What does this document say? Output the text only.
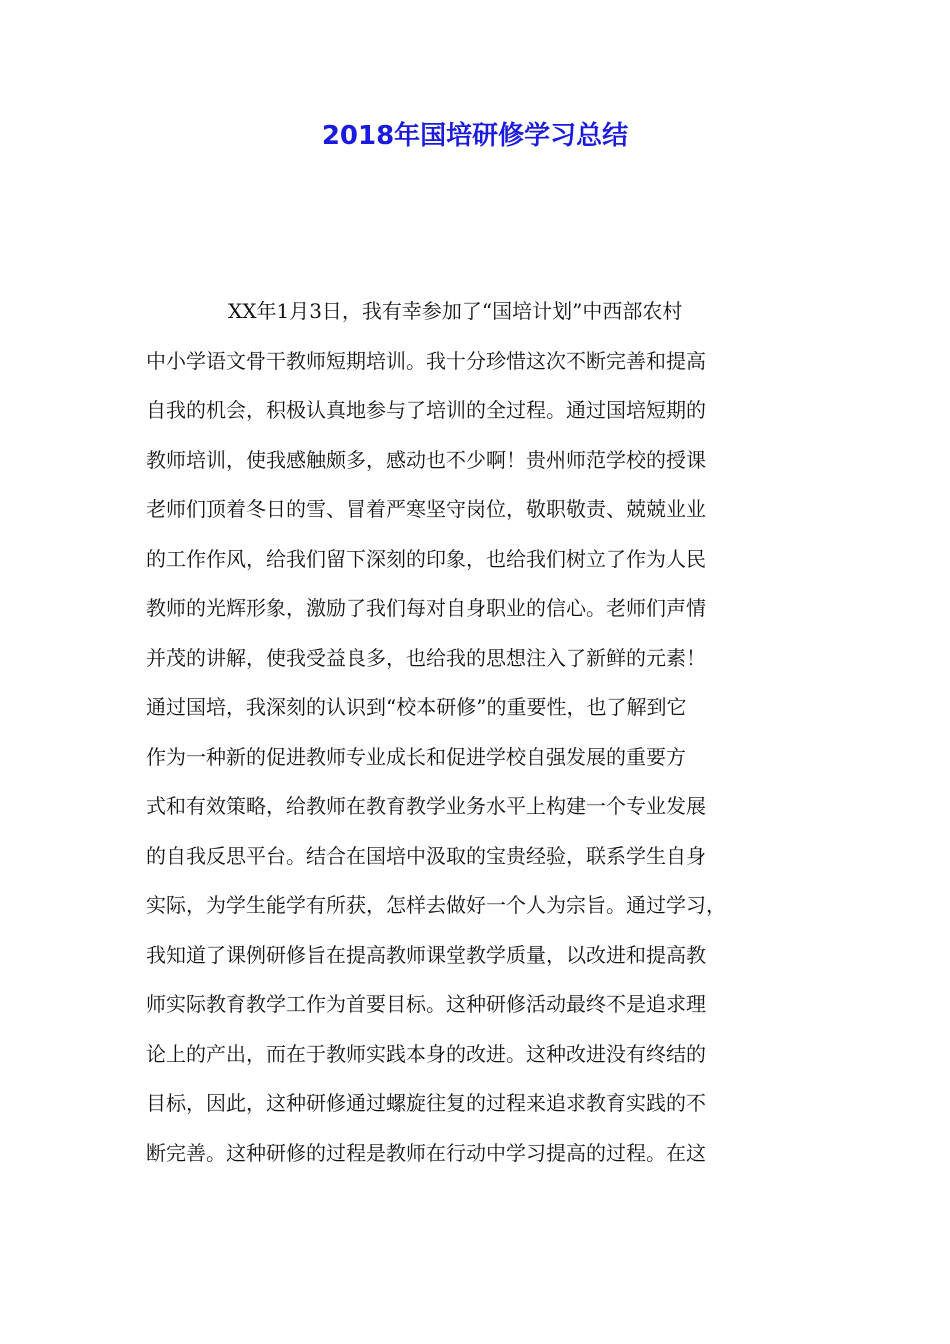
2018年国培研修学习总结
XX年1月3日，我有幸参加了“国培计划”中西部农村
中小学语文骨干教师短期培训。我十分珍惜这次不断完善和提高
自我的机会，积极认真地参与了培训的全过程。通过国培短期的
教师培训，使我感触颇多，感动也不少啊！贵州师范学校的授课
老师们顶着冬日的雪、冒着严寒坚守岗位，敬职敬责、兢兢业业
的工作作风，给我们留下深刻的印象，也给我们树立了作为人民
教师的光辉形象，激励了我们每对自身职业的信心。老师们声情
并茂的讲解，使我受益良多，也给我的思想注入了新鲜的元素！
通过国培，我深刻的认识到“校本研修”的重要性，也了解到它
作为一种新的促进教师专业成长和促进学校自强发展的重要方
式和有效策略，给教师在教育教学业务水平上构建一个专业发展
的自我反思平台。结合在国培中汲取的宝贵经验，联系学生自身
实际，为学生能学有所获，怎样去做好一个人为宗旨。通过学习，
我知道了课例研修旨在提高教师课堂教学质量，以改进和提高教
师实际教育教学工作为首要目标。这种研修活动最终不是追求理
论上的产出，而在于教师实践本身的改进。这种改进没有终结的
目标，因此，这种研修通过螺旋往复的过程来追求教育实践的不
断完善。这种研修的过程是教师在行动中学习提高的过程。在这
